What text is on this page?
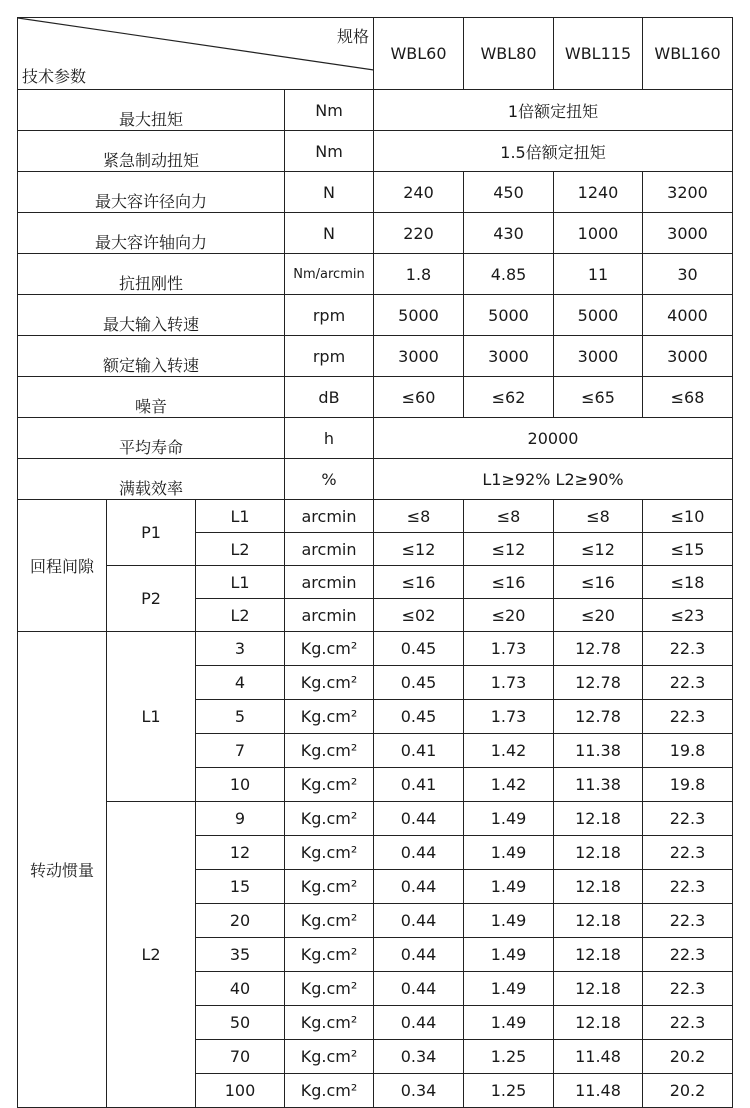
规格
技术参数				WBL60	WBL80	WBL115	WBL160
最大扭矩			Nm	1倍额定扭矩			
紧急制动扭矩			Nm	1.5倍额定扭矩			
最大容许径向力			N	240	450	1240	3200
最大容许轴向力			N	220	430	1000	3000
抗扭刚性			Nm/arcmin	1.8	4.85	11	30
最大输入转速			rpm	5000	5000	5000	4000
额定输入转速			rpm	3000	3000	3000	3000
噪音			dB	≤60	≤62	≤65	≤68
平均寿命			h	20000			
满载效率			%	L1≥92% L2≥90%			
回程间隙	P1	L1	arcmin	≤8	≤8	≤8	≤10
		L2	arcmin	≤12	≤12	≤12	≤15
	P2	L1	arcmin	≤16	≤16	≤16	≤18
		L2	arcmin	≤02	≤20	≤20	≤23
转动惯量	L1	3	Kg.cm²	0.45	1.73	12.78	22.3
		4	Kg.cm²	0.45	1.73	12.78	22.3
		5	Kg.cm²	0.45	1.73	12.78	22.3
		7	Kg.cm²	0.41	1.42	11.38	19.8
		10	Kg.cm²	0.41	1.42	11.38	19.8
	L2	9	Kg.cm²	0.44	1.49	12.18	22.3
		12	Kg.cm²	0.44	1.49	12.18	22.3
		15	Kg.cm²	0.44	1.49	12.18	22.3
		20	Kg.cm²	0.44	1.49	12.18	22.3
		35	Kg.cm²	0.44	1.49	12.18	22.3
		40	Kg.cm²	0.44	1.49	12.18	22.3
		50	Kg.cm²	0.44	1.49	12.18	22.3
		70	Kg.cm²	0.34	1.25	11.48	20.2
		100	Kg.cm²	0.34	1.25	11.48	20.2
